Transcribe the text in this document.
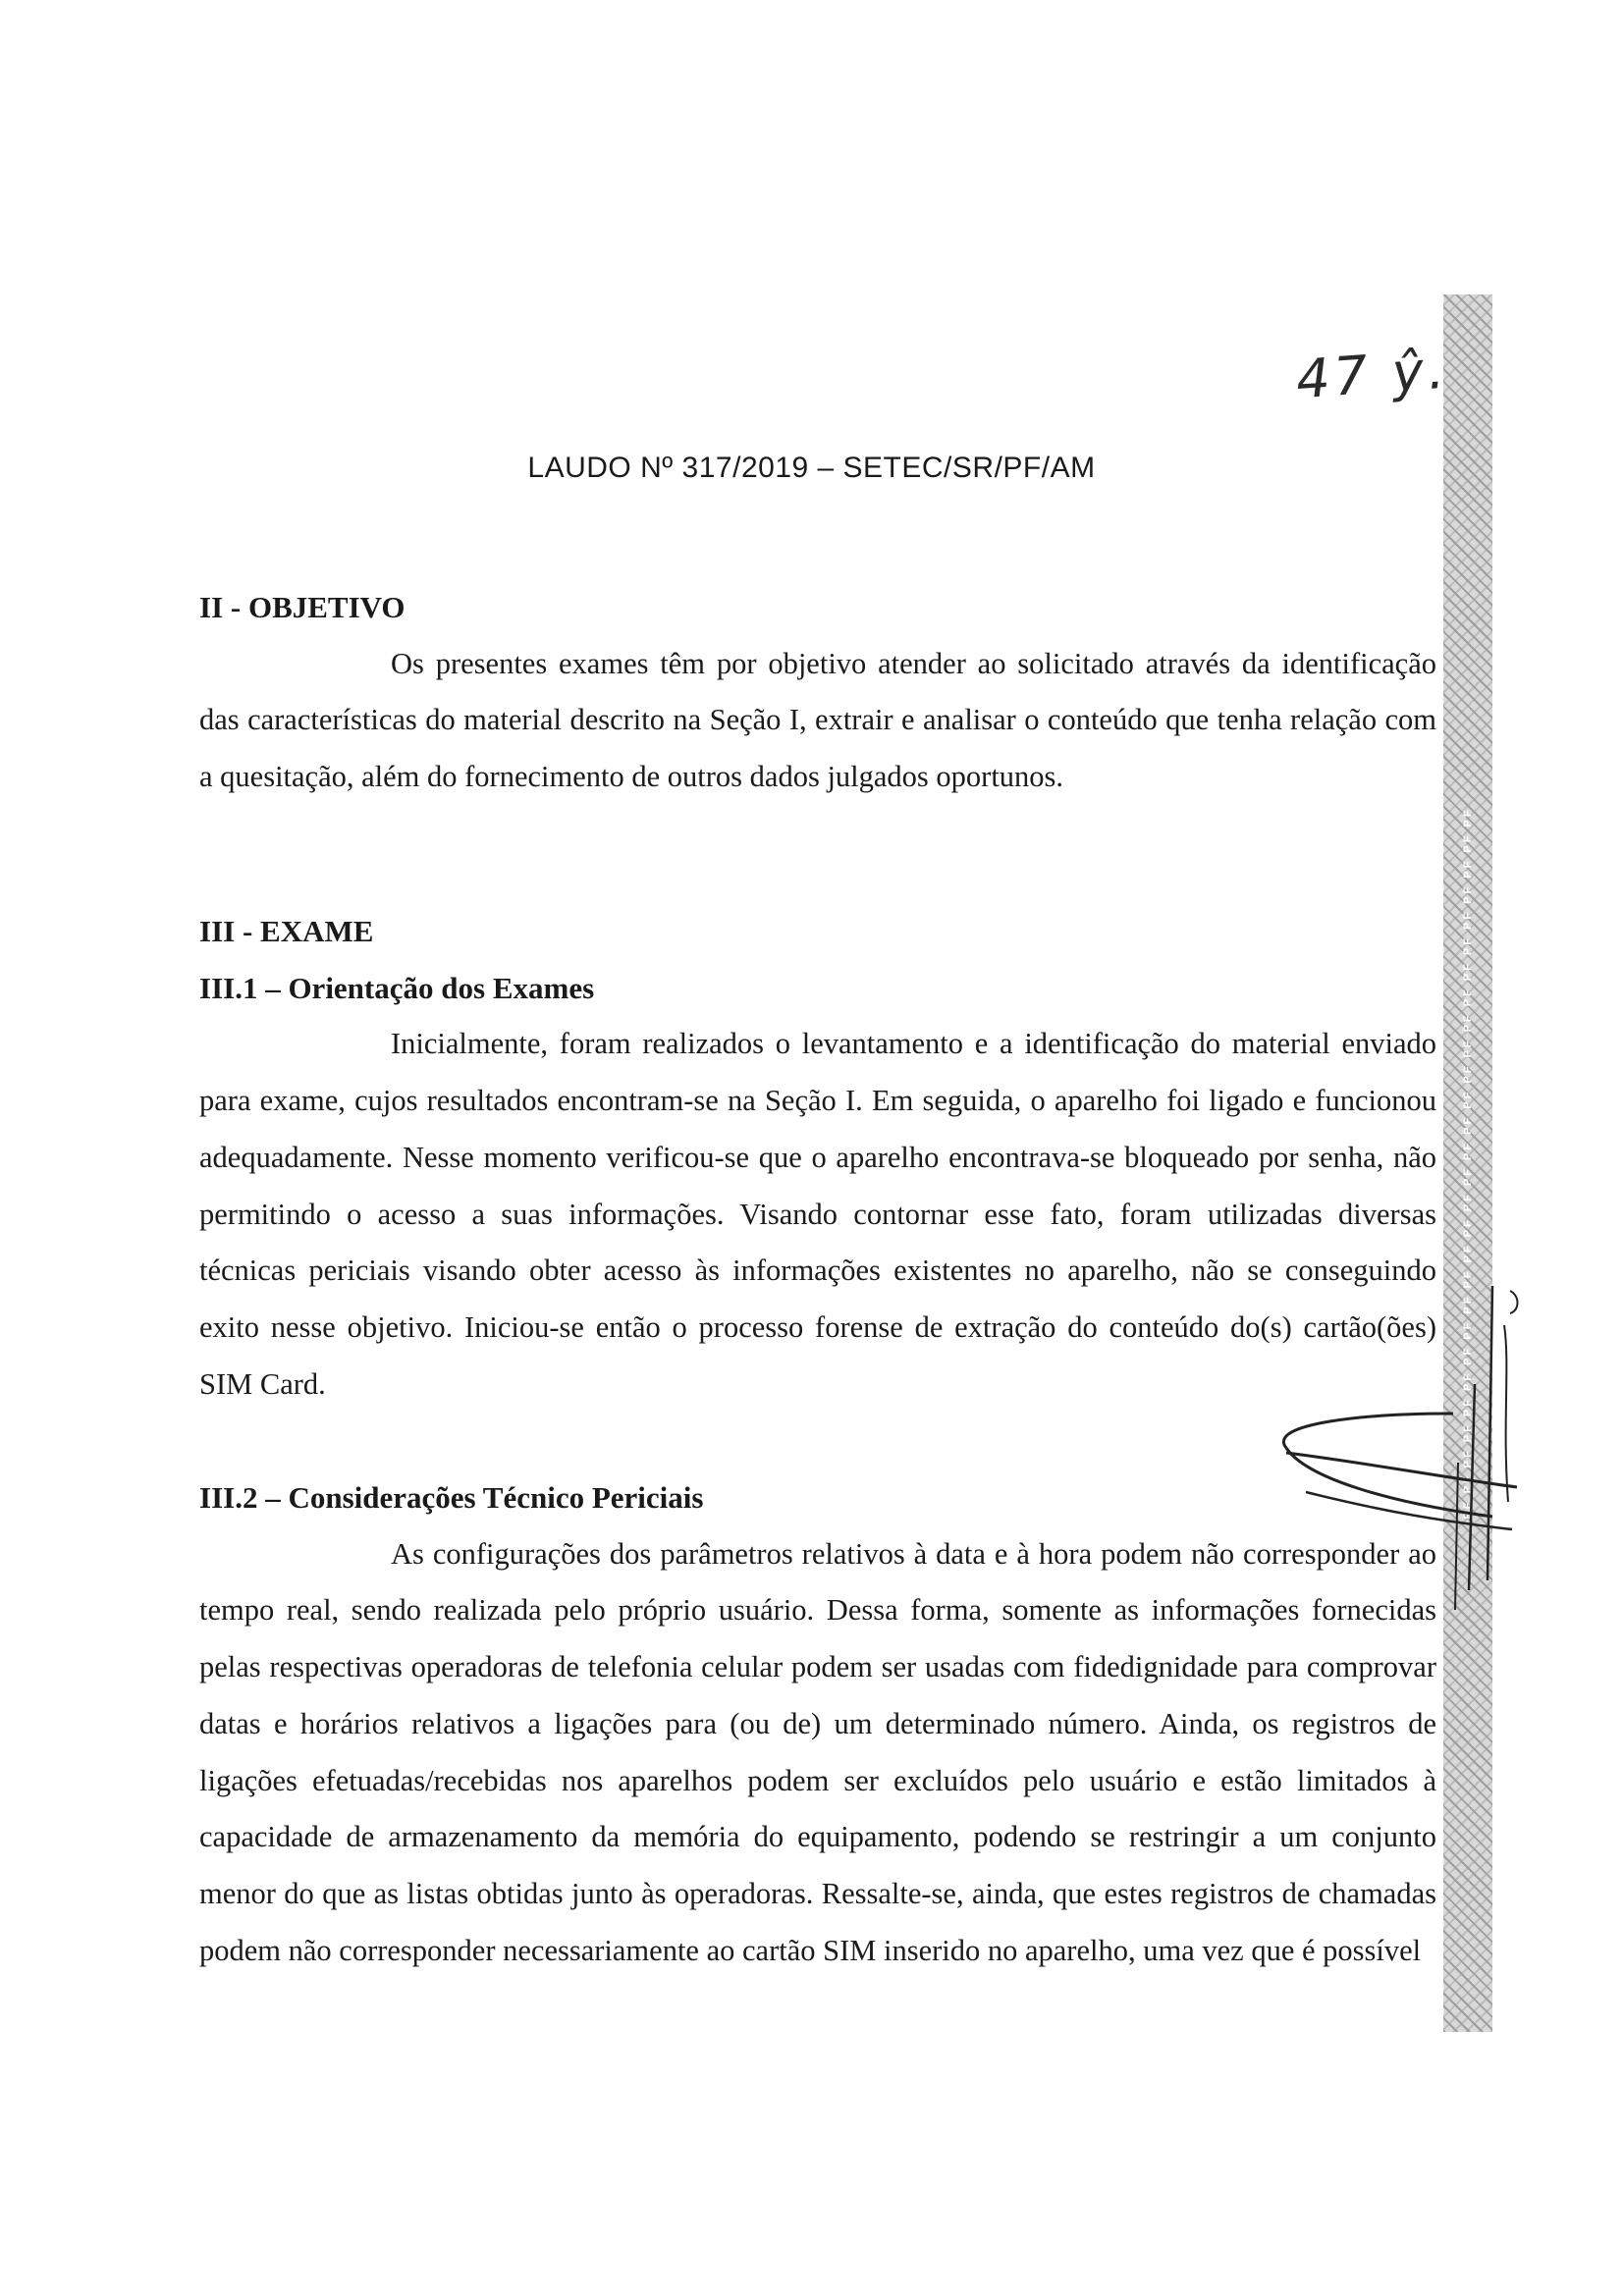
PF PF PF PF PF PF PF PF PF PF PF PF PF PF PF PF PF PF PF PF PF PF PF PF PF PF PF PF
47 ŷ.
LAUDO Nº 317/2019 – SETEC/SR/PF/AM

II - OBJETIVO

Os presentes exames têm por objetivo atender ao solicitado através da identificação das características do material descrito na Seção I, extrair e analisar o conteúdo que tenha relação com a quesitação, além do fornecimento de outros dados julgados oportunos.

III - EXAME

III.1 – Orientação dos Exames

Inicialmente, foram realizados o levantamento e a identificação do material enviado para exame, cujos resultados encontram-se na Seção I. Em seguida, o aparelho foi ligado e funcionou adequadamente. Nesse momento verificou-se que o aparelho encontrava-se bloqueado por senha, não permitindo o acesso a suas informações. Visando contornar esse fato, foram utilizadas diversas técnicas periciais visando obter acesso às informações existentes no aparelho, não se conseguindo exito nesse objetivo. Iniciou-se então o processo forense de extração do conteúdo do(s) cartão(ões) SIM Card.

III.2 – Considerações Técnico Periciais

As configurações dos parâmetros relativos à data e à hora podem não corresponder ao tempo real, sendo realizada pelo próprio usuário. Dessa forma, somente as informações fornecidas pelas respectivas operadoras de telefonia celular podem ser usadas com fidedignidade para comprovar datas e horários relativos a ligações para (ou de) um determinado número. Ainda, os registros de ligações efetuadas/recebidas nos aparelhos podem ser excluídos pelo usuário e estão limitados à capacidade de armazenamento da memória do equipamento, podendo se restringir a um conjunto menor do que as listas obtidas junto às operadoras. Ressalte-se, ainda, que estes registros de chamadas podem não corresponder necessariamente ao cartão SIM inserido no aparelho, uma vez que é possível
